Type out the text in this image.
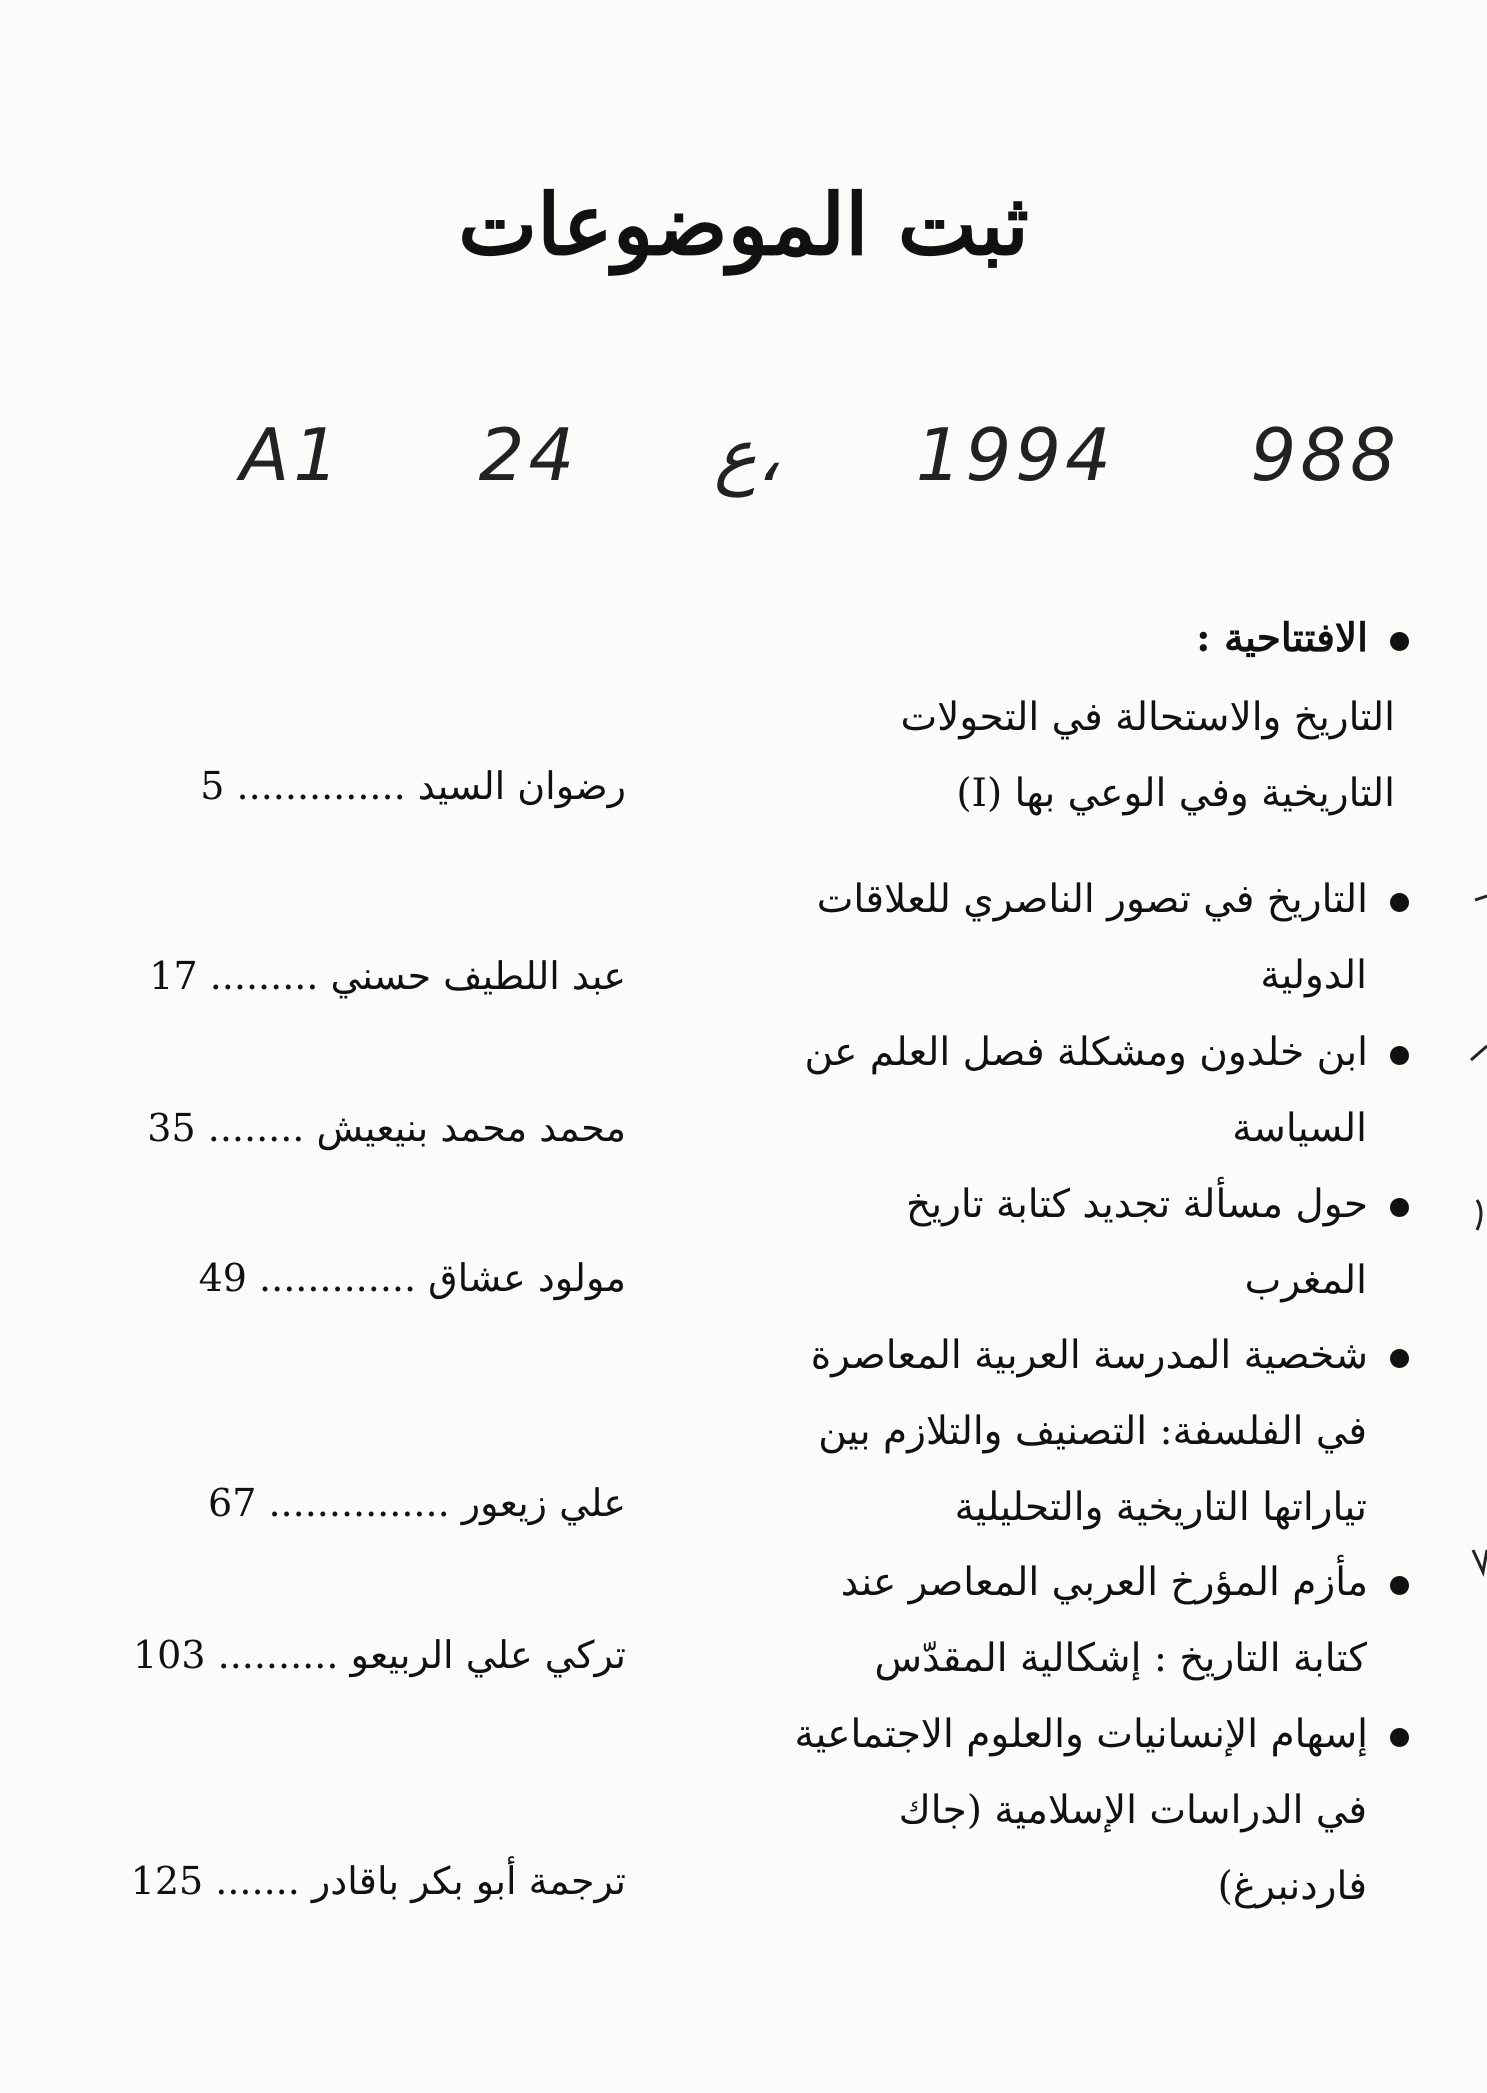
ثبت الموضوعات
A1 24 ع، 1994 988
الافتتاحية :
التاريخ والاستحالة في التحولات
التاريخية وفي الوعي بها (I)
رضوان السيد .............. 5
التاريخ في تصور الناصري للعلاقات
الدولية
عبد اللطيف حسني ......... 17
ابن خلدون ومشكلة فصل العلم عن
السياسة
محمد محمد بنيعيش ........ 35
حول مسألة تجديد كتابة تاريخ
المغرب
مولود عشاق ............. 49
شخصية المدرسة العربية المعاصرة
في الفلسفة: التصنيف والتلازم بين
تياراتها التاريخية والتحليلية
علي زيعور ............... 67
مأزم المؤرخ العربي المعاصر عند
كتابة التاريخ : إشكالية المقدّس
تركي علي الربيعو .......... 103
إسهام الإنسانيات والعلوم الاجتماعية
في الدراسات الإسلامية (جاك
فاردنبرغ)
ترجمة أبو بكر باقادر ....... 125
